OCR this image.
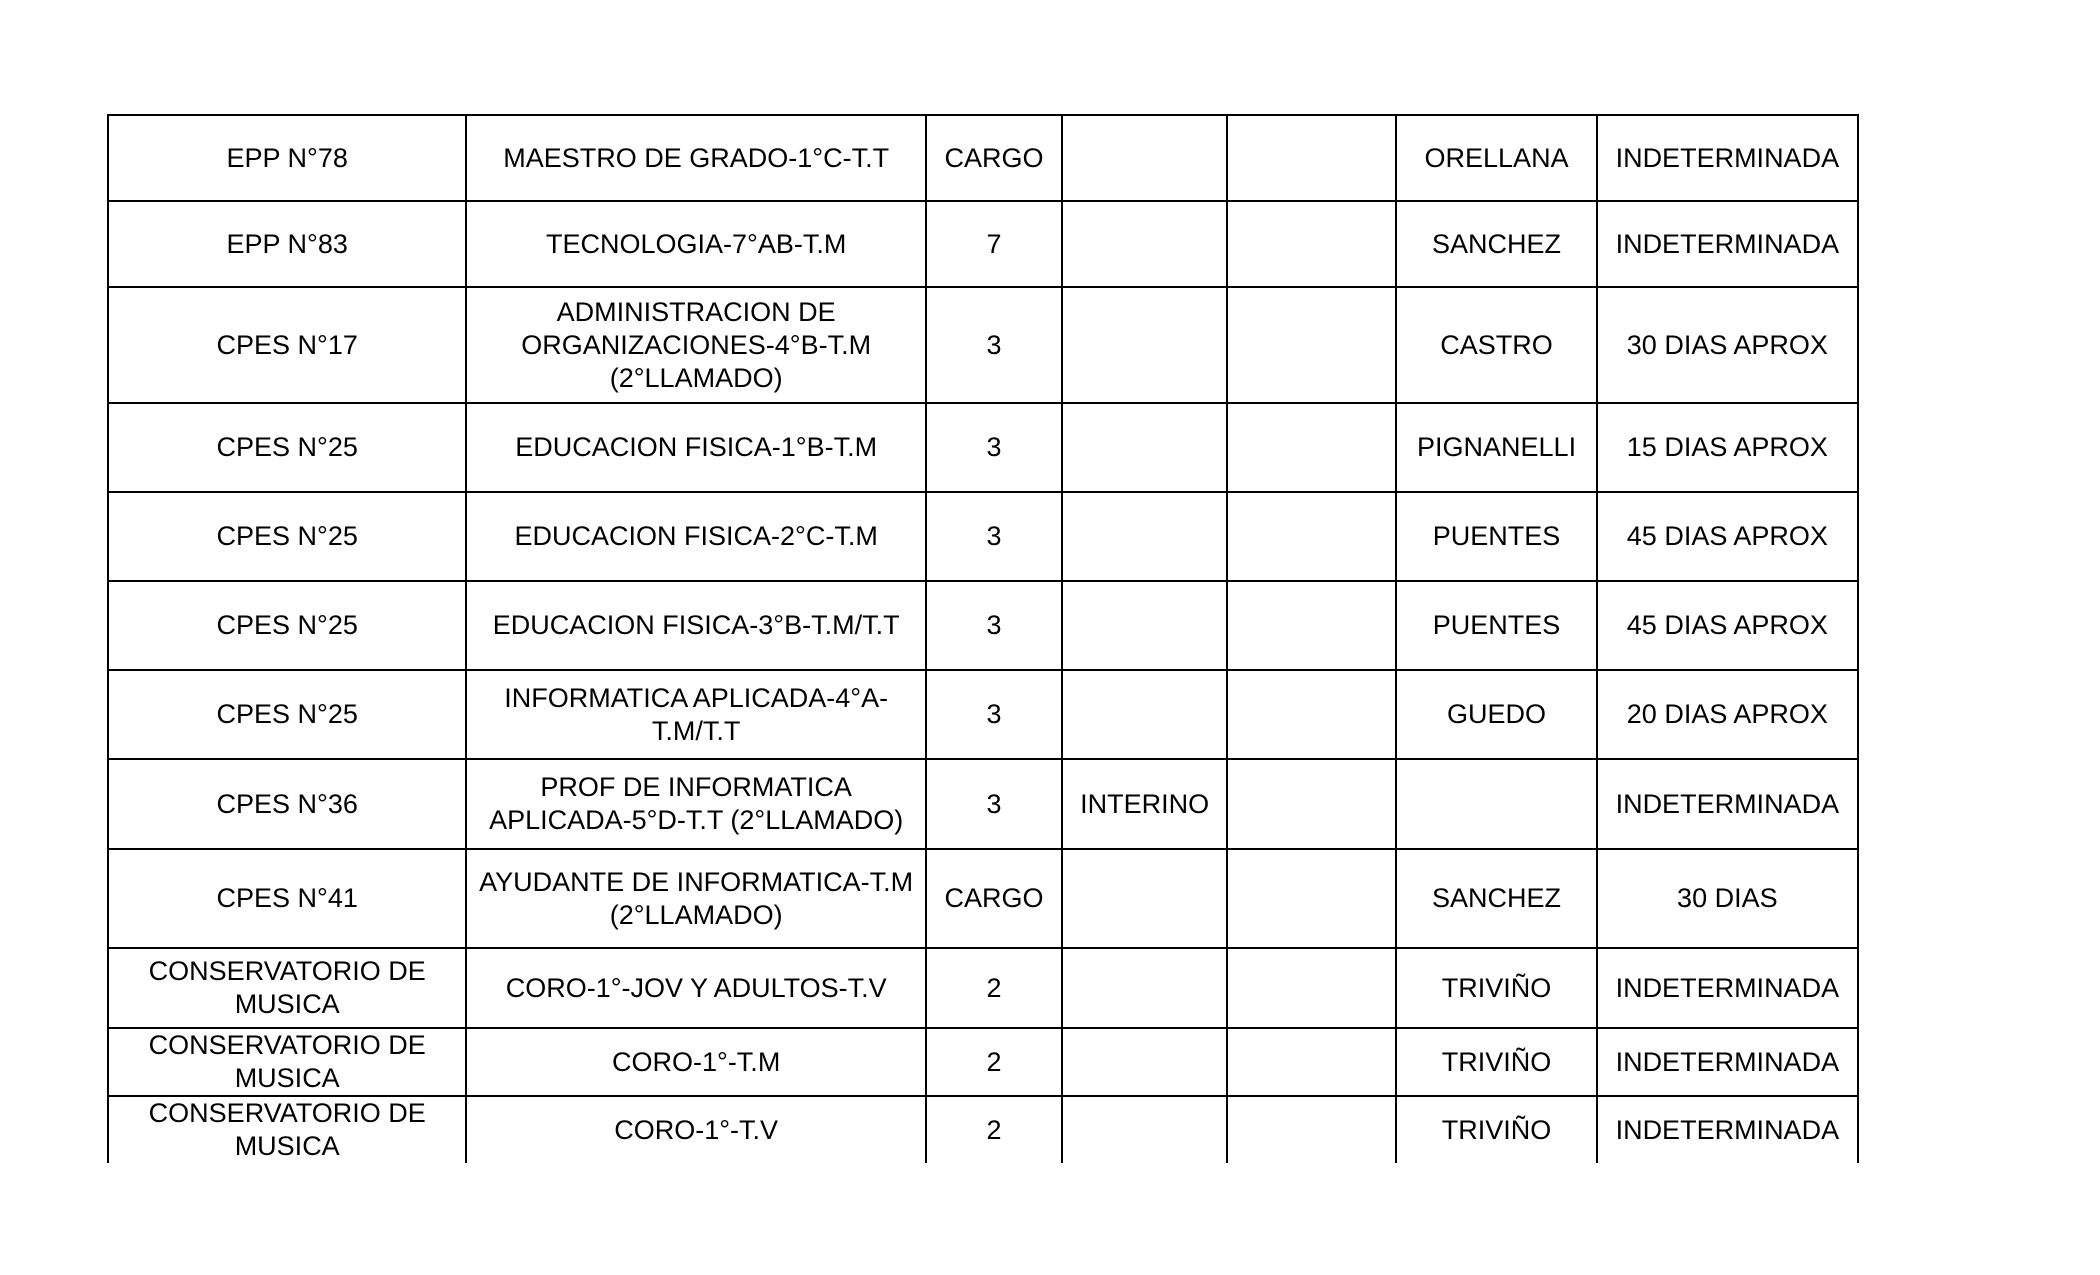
EPP N°78	MAESTRO DE GRADO-1°C-T.T	CARGO			ORELLANA	INDETERMINADA
EPP N°83	TECNOLOGIA-7°AB-T.M	7			SANCHEZ	INDETERMINADA
CPES N°17	ADMINISTRACION DE ORGANIZACIONES-4°B-T.M (2°LLAMADO)	3			CASTRO	30 DIAS APROX
CPES N°25	EDUCACION FISICA-1°B-T.M	3			PIGNANELLI	15 DIAS APROX
CPES N°25	EDUCACION FISICA-2°C-T.M	3			PUENTES	45 DIAS APROX
CPES N°25	EDUCACION FISICA-3°B-T.M/T.T	3			PUENTES	45 DIAS APROX
CPES N°25	INFORMATICA APLICADA-4°A-T.M/T.T	3			GUEDO	20 DIAS APROX
CPES N°36	PROF DE INFORMATICA APLICADA-5°D-T.T (2°LLAMADO)	3	INTERINO			INDETERMINADA
CPES N°41	AYUDANTE DE INFORMATICA-T.M (2°LLAMADO)	CARGO			SANCHEZ	30 DIAS
CONSERVATORIO DE MUSICA	CORO-1°-JOV Y ADULTOS-T.V	2			TRIVIÑO	INDETERMINADA
CONSERVATORIO DE MUSICA	CORO-1°-T.M	2			TRIVIÑO	INDETERMINADA
CONSERVATORIO DE MUSICA	CORO-1°-T.V	2			TRIVIÑO	INDETERMINADA
